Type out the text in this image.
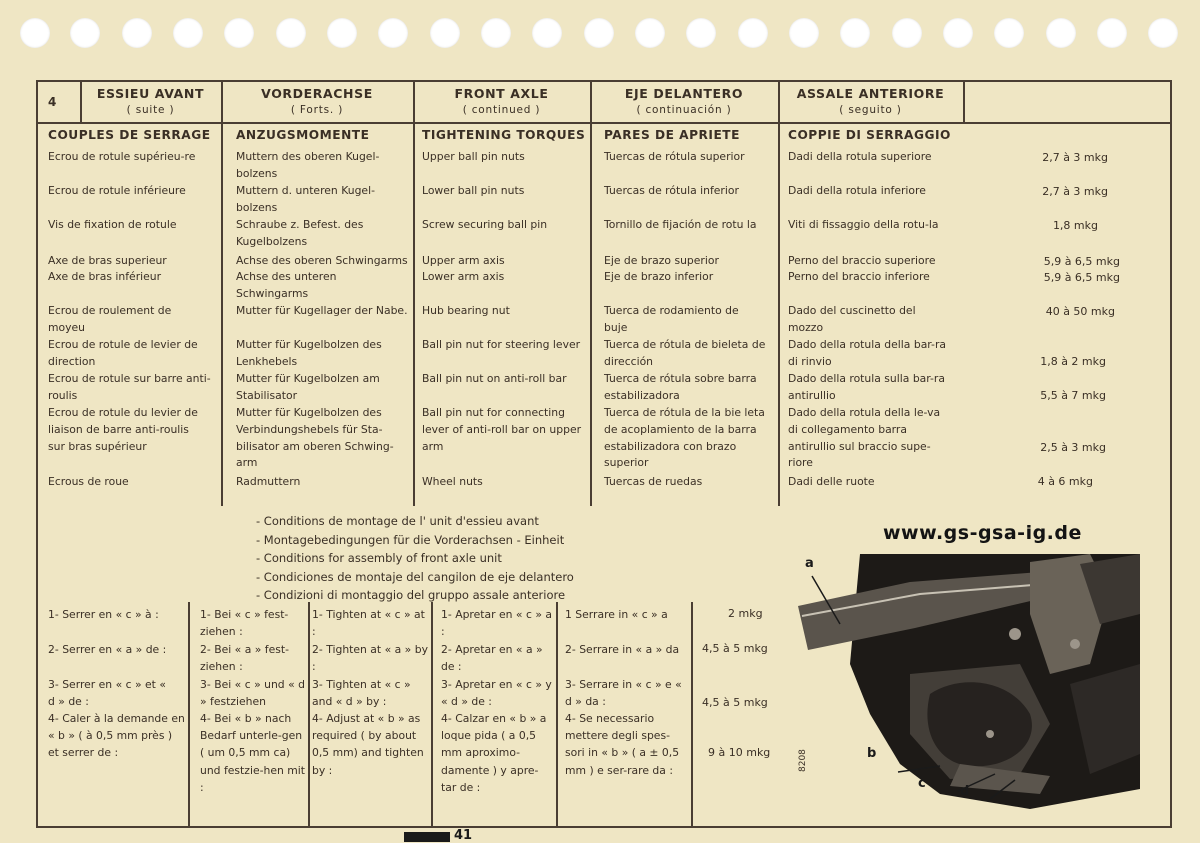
4
ESSIEU AVANT
( suite )
VORDERACHSE
( Forts. )
FRONT AXLE
( continued )
EJE DELANTERO
( continuación )
ASSALE ANTERIORE
( seguito )
COUPLES DE SERRAGE
Ecrou de rotule supérieu-re
Ecrou de rotule inférieure
Vis de fixation de rotule
Axe de bras superieur
Axe de bras inférieur
Ecrou de roulement de moyeu
Ecrou de rotule de levier de direction
Ecrou de rotule sur barre anti-roulis
Ecrou de rotule du levier de liaison de barre anti-roulis sur bras supérieur
Ecrous de roue
ANZUGSMOMENTE
Muttern des oberen Kugel-bolzens
Muttern d. unteren Kugel-bolzens
Schraube z. Befest. des Kugelbolzens
Achse des oberen Schwingarms
Achse des unteren Schwingarms
Mutter für Kugellager der Nabe.
Mutter für Kugelbolzen des Lenkhebels
Mutter für Kugelbolzen am Stabilisator
Mutter für Kugelbolzen des Verbindungshebels für Sta-bilisator am oberen Schwing-arm
Radmuttern
TIGHTENING TORQUES
Upper ball pin nuts
Lower ball pin nuts
Screw securing ball pin
Upper arm axis
Lower arm axis
Hub bearing nut
Ball pin nut for steering lever
Ball pin nut on anti-roll bar
Ball pin nut for connecting lever of anti-roll bar on upper arm
Wheel nuts
PARES DE APRIETE
Tuercas de rótula superior
Tuercas de rótula inferior
Tornillo de fijación de rotu la
Eje de brazo superior
Eje de brazo inferior
Tuerca de rodamiento de buje
Tuerca de rótula de bieleta de dirección
Tuerca de rótula sobre barra estabilizadora
Tuerca de rótula de la bie leta de acoplamiento de la barra estabilizadora con brazo superior
Tuercas de ruedas
COPPIE DI SERRAGGIO
Dadi della rotula superiore
Dadi della rotula inferiore
Viti di fissaggio della rotu-la
Perno del braccio superiore
Perno del braccio inferiore
Dado del cuscinetto del mozzo
Dado della rotula della bar-ra di rinvio
Dado della rotula sulla bar-ra antirullio
Dado della rotula della le-va di collegamento barra antirullio sul braccio supe-riore
Dadi delle ruote
2,7 à 3 mkg
2,7 à 3 mkg
1,8 mkg
5,9 à 6,5 mkg
5,9 à 6,5 mkg
40 à 50 mkg
1,8 à 2 mkg
5,5 à 7 mkg
2,5 à 3 mkg
4 à 6 mkg
- Conditions de montage de l' unit d'essieu avant
- Montagebedingungen für die Vorderachsen - Einheit
- Conditions for assembly of front axle unit
- Condiciones de montaje del cangilon de eje delantero
- Condizioni di montaggio del gruppo assale anteriore
www.gs-gsa-ig.de
1- Serrer en « c » à :
2- Serrer en « a » de :
3- Serrer en « c » et « d » de :
4- Caler à la demande en « b » ( à 0,5 mm près ) et serrer de :
1- Bei « c » fest-ziehen :
2- Bei « a » fest-ziehen :
3- Bei « c » und « d » festziehen
4- Bei « b » nach Bedarf unterle-gen ( um 0,5 mm ca) und festzie-hen mit :
1- Tighten at « c » at :
2- Tighten at « a » by :
3- Tighten at « c » and « d » by :
4- Adjust at « b » as required ( by about 0,5 mm) and tighten by :
1- Apretar en « c » a :
2- Apretar en « a » de :
3- Apretar en « c » y « d » de :
4- Calzar en « b » a loque pida ( a 0,5 mm aproximo-damente ) y apre-tar de :
1 Serrare in « c » a
2- Serrare in « a » da
3- Serrare in « c » e « d » da :
4- Se necessario mettere degli spes-sori in « b » ( a ± 0,5 mm ) e ser-rare da :
2 mkg
4,5 à 5 mkg
4,5 à 5 mkg
9 à 10 mkg
a
b
c
d
8208
41
